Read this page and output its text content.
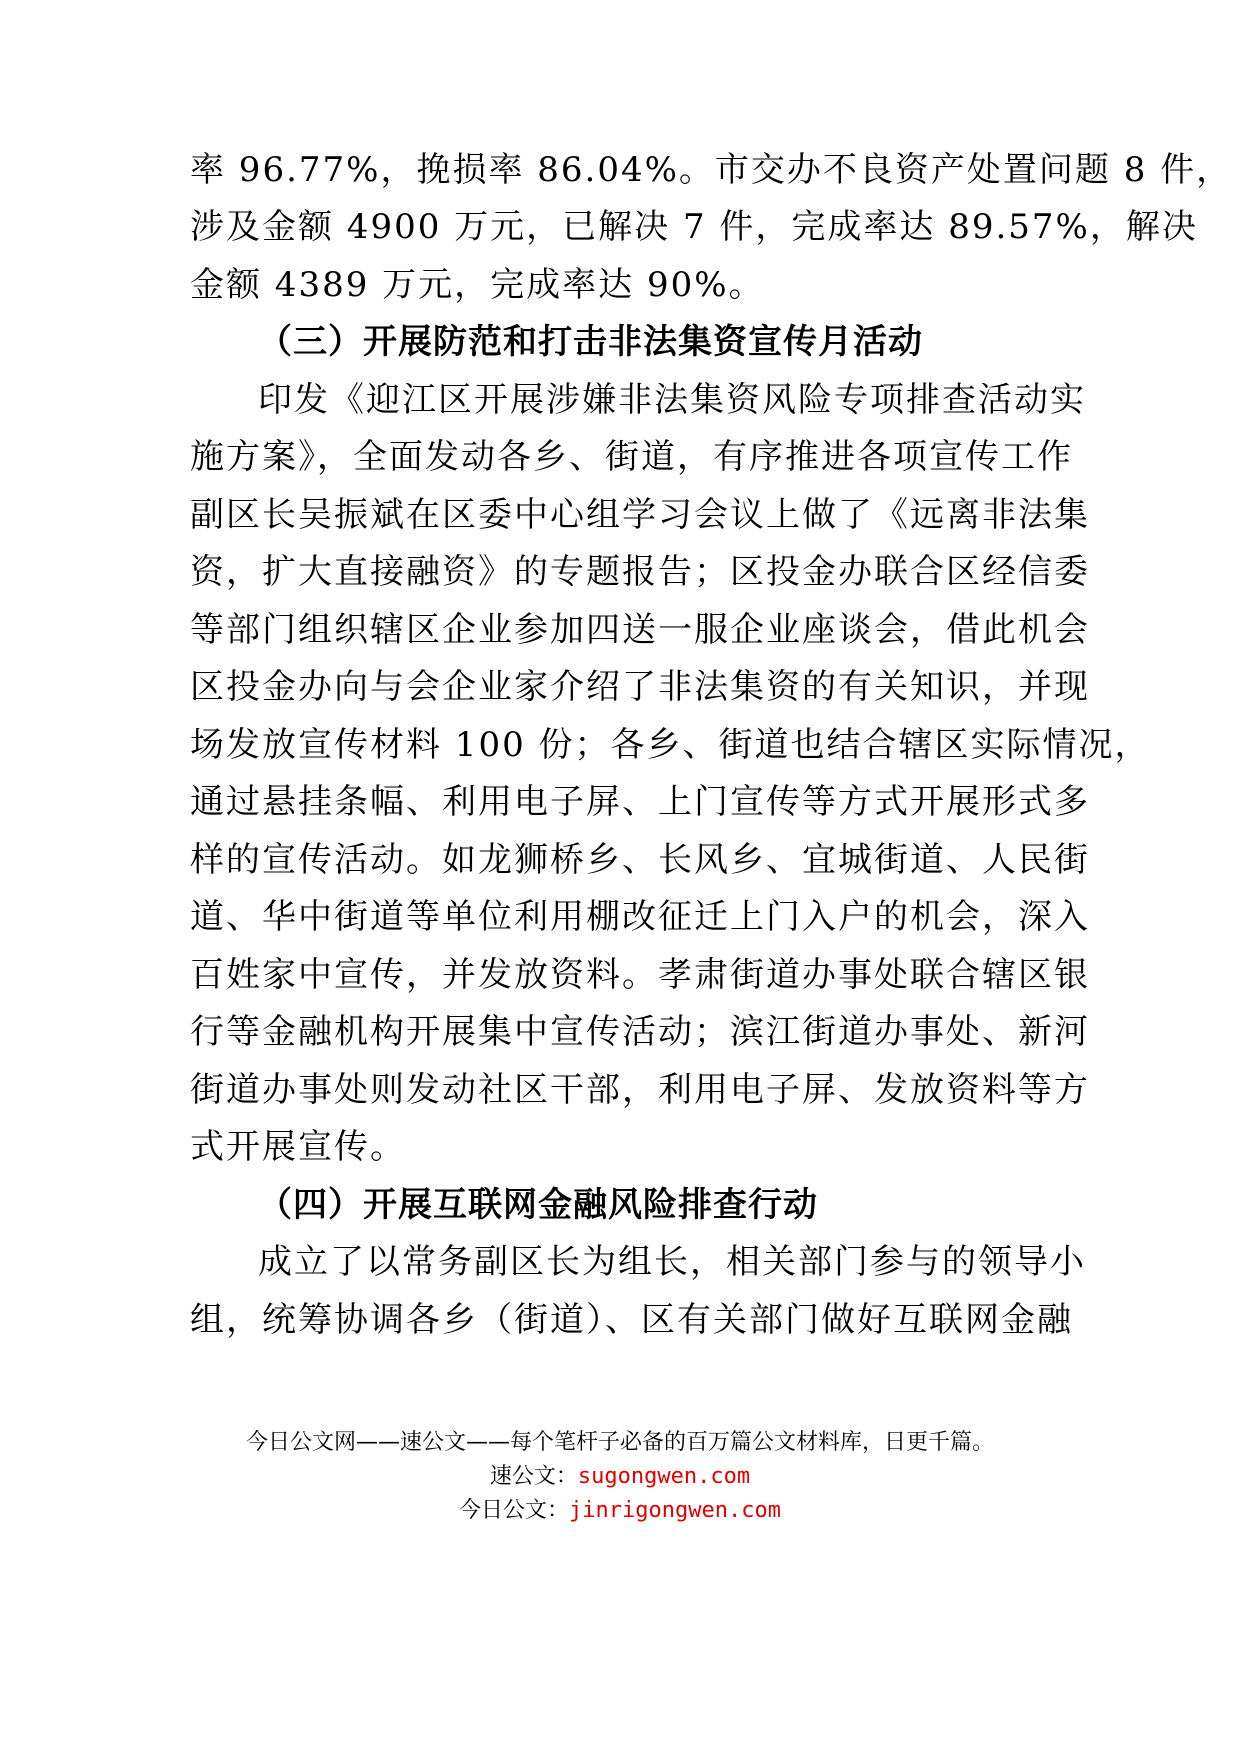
率 96.77%，挽损率 86.04%。市交办不良资产处置问题 8 件，
涉及金额 4900 万元，已解决 7 件，完成率达 89.57%，解决
金额 4389 万元，完成率达 90%。
（三）开展防范和打击非法集资宣传月活动
印发《迎江区开展涉嫌非法集资风险专项排查活动实
施方案》，全面发动各乡、街道，有序推进各项宣传工作
副区长吴振斌在区委中心组学习会议上做了《远离非法集
资，扩大直接融资》的专题报告；区投金办联合区经信委
等部门组织辖区企业参加四送一服企业座谈会，借此机会
区投金办向与会企业家介绍了非法集资的有关知识，并现
场发放宣传材料 100 份；各乡、街道也结合辖区实际情况，
通过悬挂条幅、利用电子屏、上门宣传等方式开展形式多
样的宣传活动。如龙狮桥乡、长风乡、宜城街道、人民街
道、华中街道等单位利用棚改征迁上门入户的机会，深入
百姓家中宣传，并发放资料。孝肃街道办事处联合辖区银
行等金融机构开展集中宣传活动；滨江街道办事处、新河
街道办事处则发动社区干部，利用电子屏、发放资料等方
式开展宣传。
（四）开展互联网金融风险排查行动
成立了以常务副区长为组长，相关部门参与的领导小
组，统筹协调各乡（街道）、区有关部门做好互联网金融
今日公文网——速公文——每个笔杆子必备的百万篇公文材料库，日更千篇。
速公文：sugongwen.com
今日公文：jinrigongwen.com
